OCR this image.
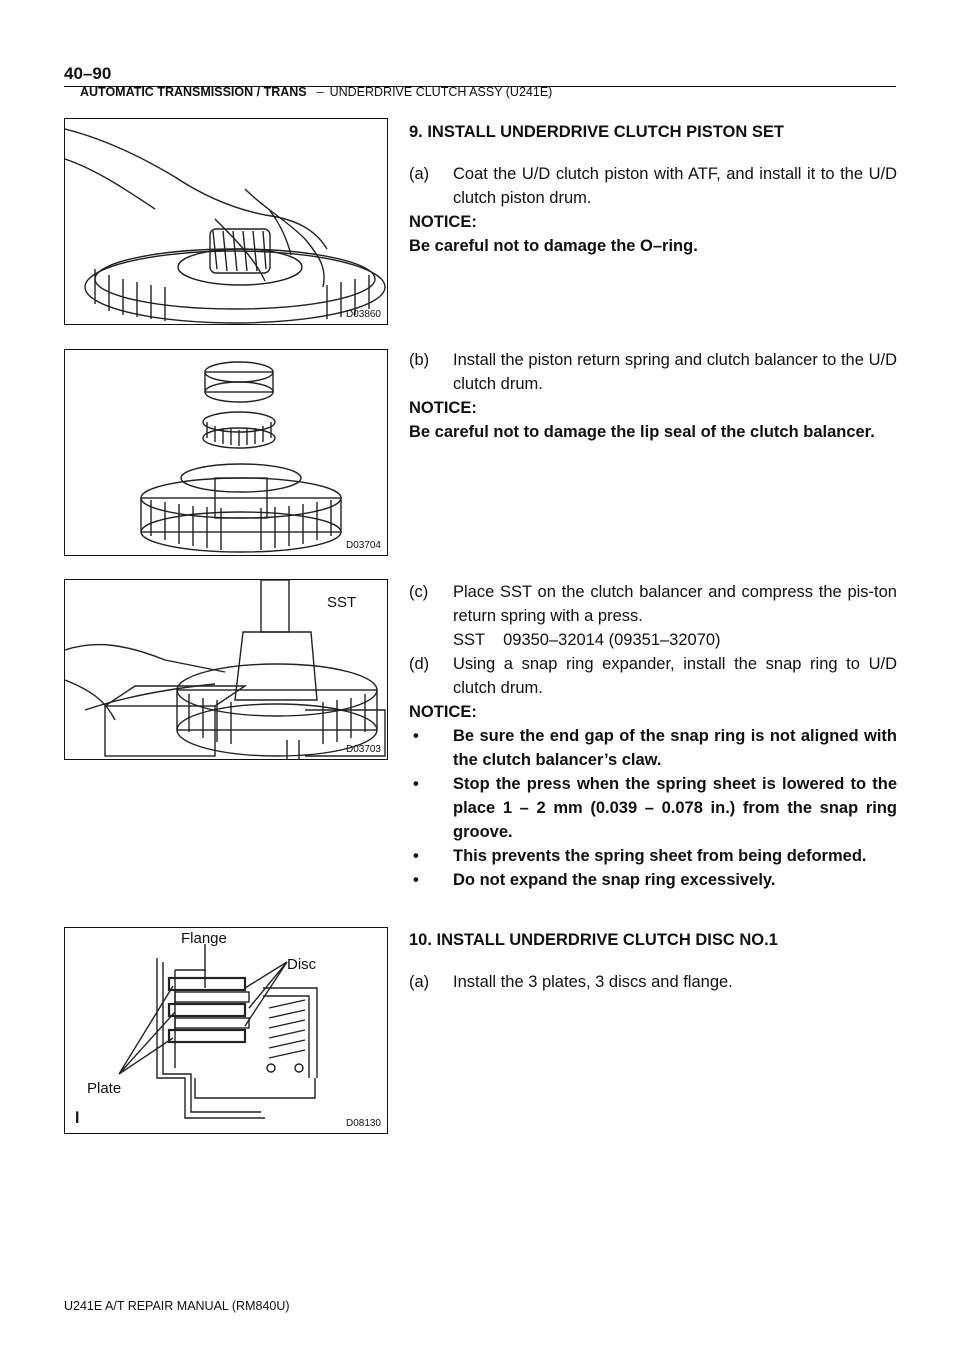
40–90
AUTOMATIC TRANSMISSION / TRANS – UNDERDRIVE CLUTCH ASSY (U241E)
D03860
D03704
SST
D03703
Flange
Disc
Plate
ꟾ	D08130
9. INSTALL UNDERDRIVE CLUTCH PISTON SET
(a)	Coat the U/D clutch piston with ATF, and install it to the U/D clutch piston drum.
NOTICE:
Be careful not to damage the O–ring.
(b)	Install the piston return spring and clutch balancer to the U/D clutch drum.
NOTICE:
Be careful not to damage the lip seal of the clutch balancer.
(c)	Place SST on the clutch balancer and compress the pis-ton return spring with a press.
SST 09350–32014 (09351–32070)
(d)	Using a snap ring expander, install the snap ring to U/D clutch drum.
NOTICE:
•	Be sure the end gap of the snap ring is not aligned with the clutch balancer’s claw.
•	Stop the press when the spring sheet is lowered to the place 1 – 2 mm (0.039 – 0.078 in.) from the snap ring groove.
•	This prevents the spring sheet from being deformed.
•	Do not expand the snap ring excessively.
10. INSTALL UNDERDRIVE CLUTCH DISC NO.1
(a)	Install the 3 plates, 3 discs and flange.
U241E A/T REPAIR MANUAL (RM840U)
